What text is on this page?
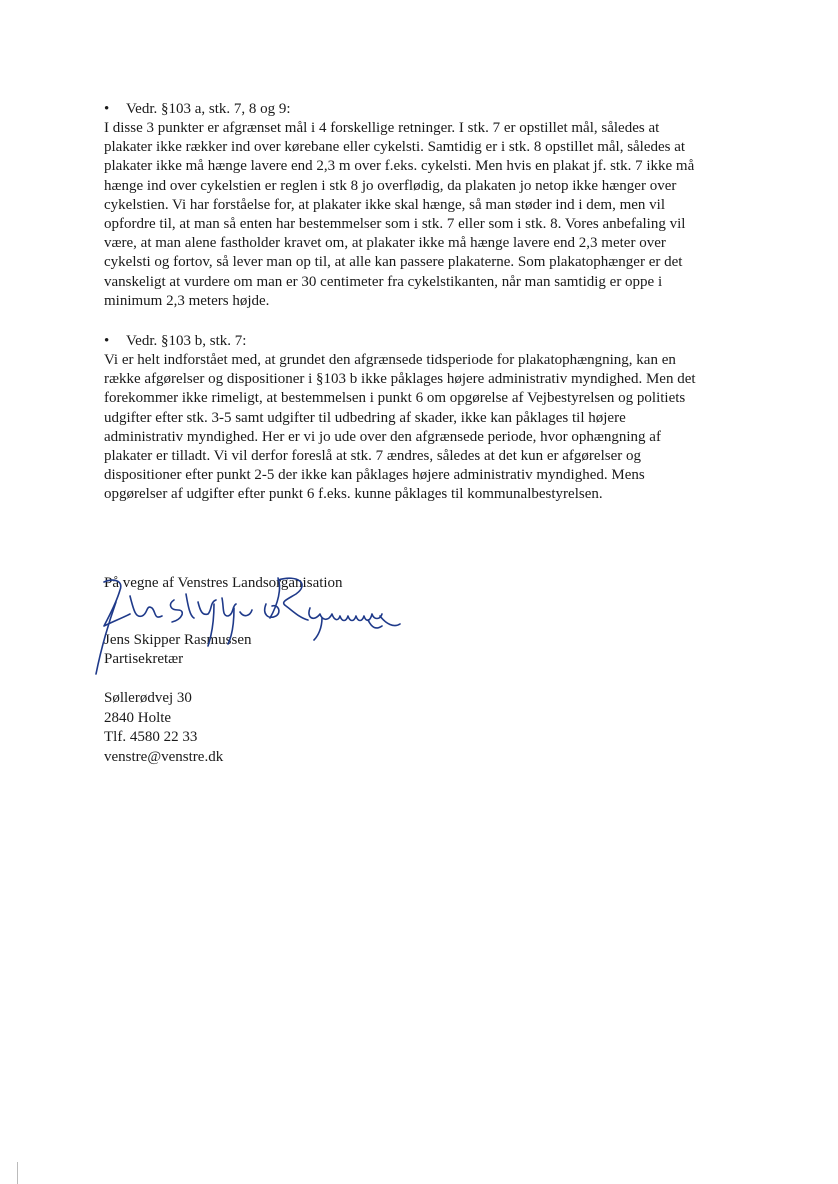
• Vedr. §103 a, stk. 7, 8 og 9:

I disse 3 punkter er afgrænset mål i 4 forskellige retninger. I stk. 7 er opstillet mål, således at

plakater ikke rækker ind over kørebane eller cykelsti. Samtidig er i stk. 8 opstillet mål, således at

plakater ikke må hænge lavere end 2,3 m over f.eks. cykelsti. Men hvis en plakat jf. stk. 7 ikke må

hænge ind over cykelstien er reglen i stk 8 jo overflødig, da plakaten jo netop ikke hænger over

cykelstien. Vi har forståelse for, at plakater ikke skal hænge, så man støder ind i dem, men vil

opfordre til, at man så enten har bestemmelser som i stk. 7 eller som i stk. 8. Vores anbefaling vil

være, at man alene fastholder kravet om, at plakater ikke må hænge lavere end 2,3 meter over

cykelsti og fortov, så lever man op til, at alle kan passere plakaterne. Som plakatophænger er det

vanskeligt at vurdere om man er 30 centimeter fra cykelstikanten, når man samtidig er oppe i

minimum 2,3 meters højde.

• Vedr. §103 b, stk. 7:

Vi er helt indforstået med, at grundet den afgrænsede tidsperiode for plakatophængning, kan en

række afgørelser og dispositioner i §103 b ikke påklages højere administrativ myndighed. Men det

forekommer ikke rimeligt, at bestemmelsen i punkt 6 om opgørelse af Vejbestyrelsen og politiets

udgifter efter stk. 3-5 samt udgifter til udbedring af skader, ikke kan påklages til højere

administrativ myndighed. Her er vi jo ude over den afgrænsede periode, hvor ophængning af

plakater er tilladt. Vi vil derfor foreslå at stk. 7 ændres, således at det kun er afgørelser og

dispositioner efter punkt 2-5 der ikke kan påklages højere administrativ myndighed. Mens

opgørelser af udgifter efter punkt 6 f.eks. kunne påklages til kommunalbestyrelsen.

På vegne af Venstres Landsorganisation

Jens Skipper Rasmussen

Partisekretær

Søllerødvej 30

2840 Holte

Tlf. 4580 22 33

venstre@venstre.dk
